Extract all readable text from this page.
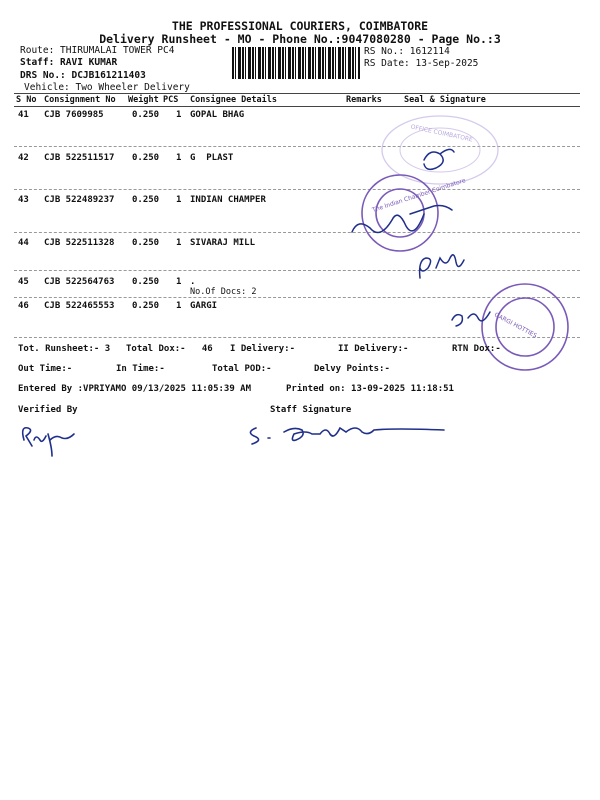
THE PROFESSIONAL COURIERS, COIMBATORE
Delivery Runsheet - MO - Phone No.:9047080280 - Page No.:3
Route: THIRUMALAI TOWER PC4
Staff: RAVI KUMAR
DRS No.: DCJB161211403
Vehicle: Two Wheeler Delivery
RS No.: 1612114
RS Date: 13-Sep-2025
S No Consignment No Weight PCS Consignee Details	Remarks	Seal & Signature
41 CJB 7609985	0.250 1 GOPAL BHAG
42 CJB 522511517 0.250 1 G  PLAST
43 CJB 522489237 0.250 1 INDIAN CHAMPER
44 CJB 522511328 0.250 1 SIVARAJ MILL
45 CJB 522564763 0.250 1 .
No.Of Docs: 2
46 CJB 522465553 0.250 1 GARGI
The Indian Chamber Coimbatore
GARGI HOTTIES
OFFICE COIMBATORE
Tot. Runsheet:- 3 Total Dox:-   46 I Delivery:-	II Delivery:-	RTN Dox:-
Out Time:-	In Time:-	Total POD:-	Delvy Points:-
Entered By :VPRIYAMO 09/13/2025 11:05:39 AM	Printed on: 13-09-2025 11:18:51
Verified By	Staff Signature
